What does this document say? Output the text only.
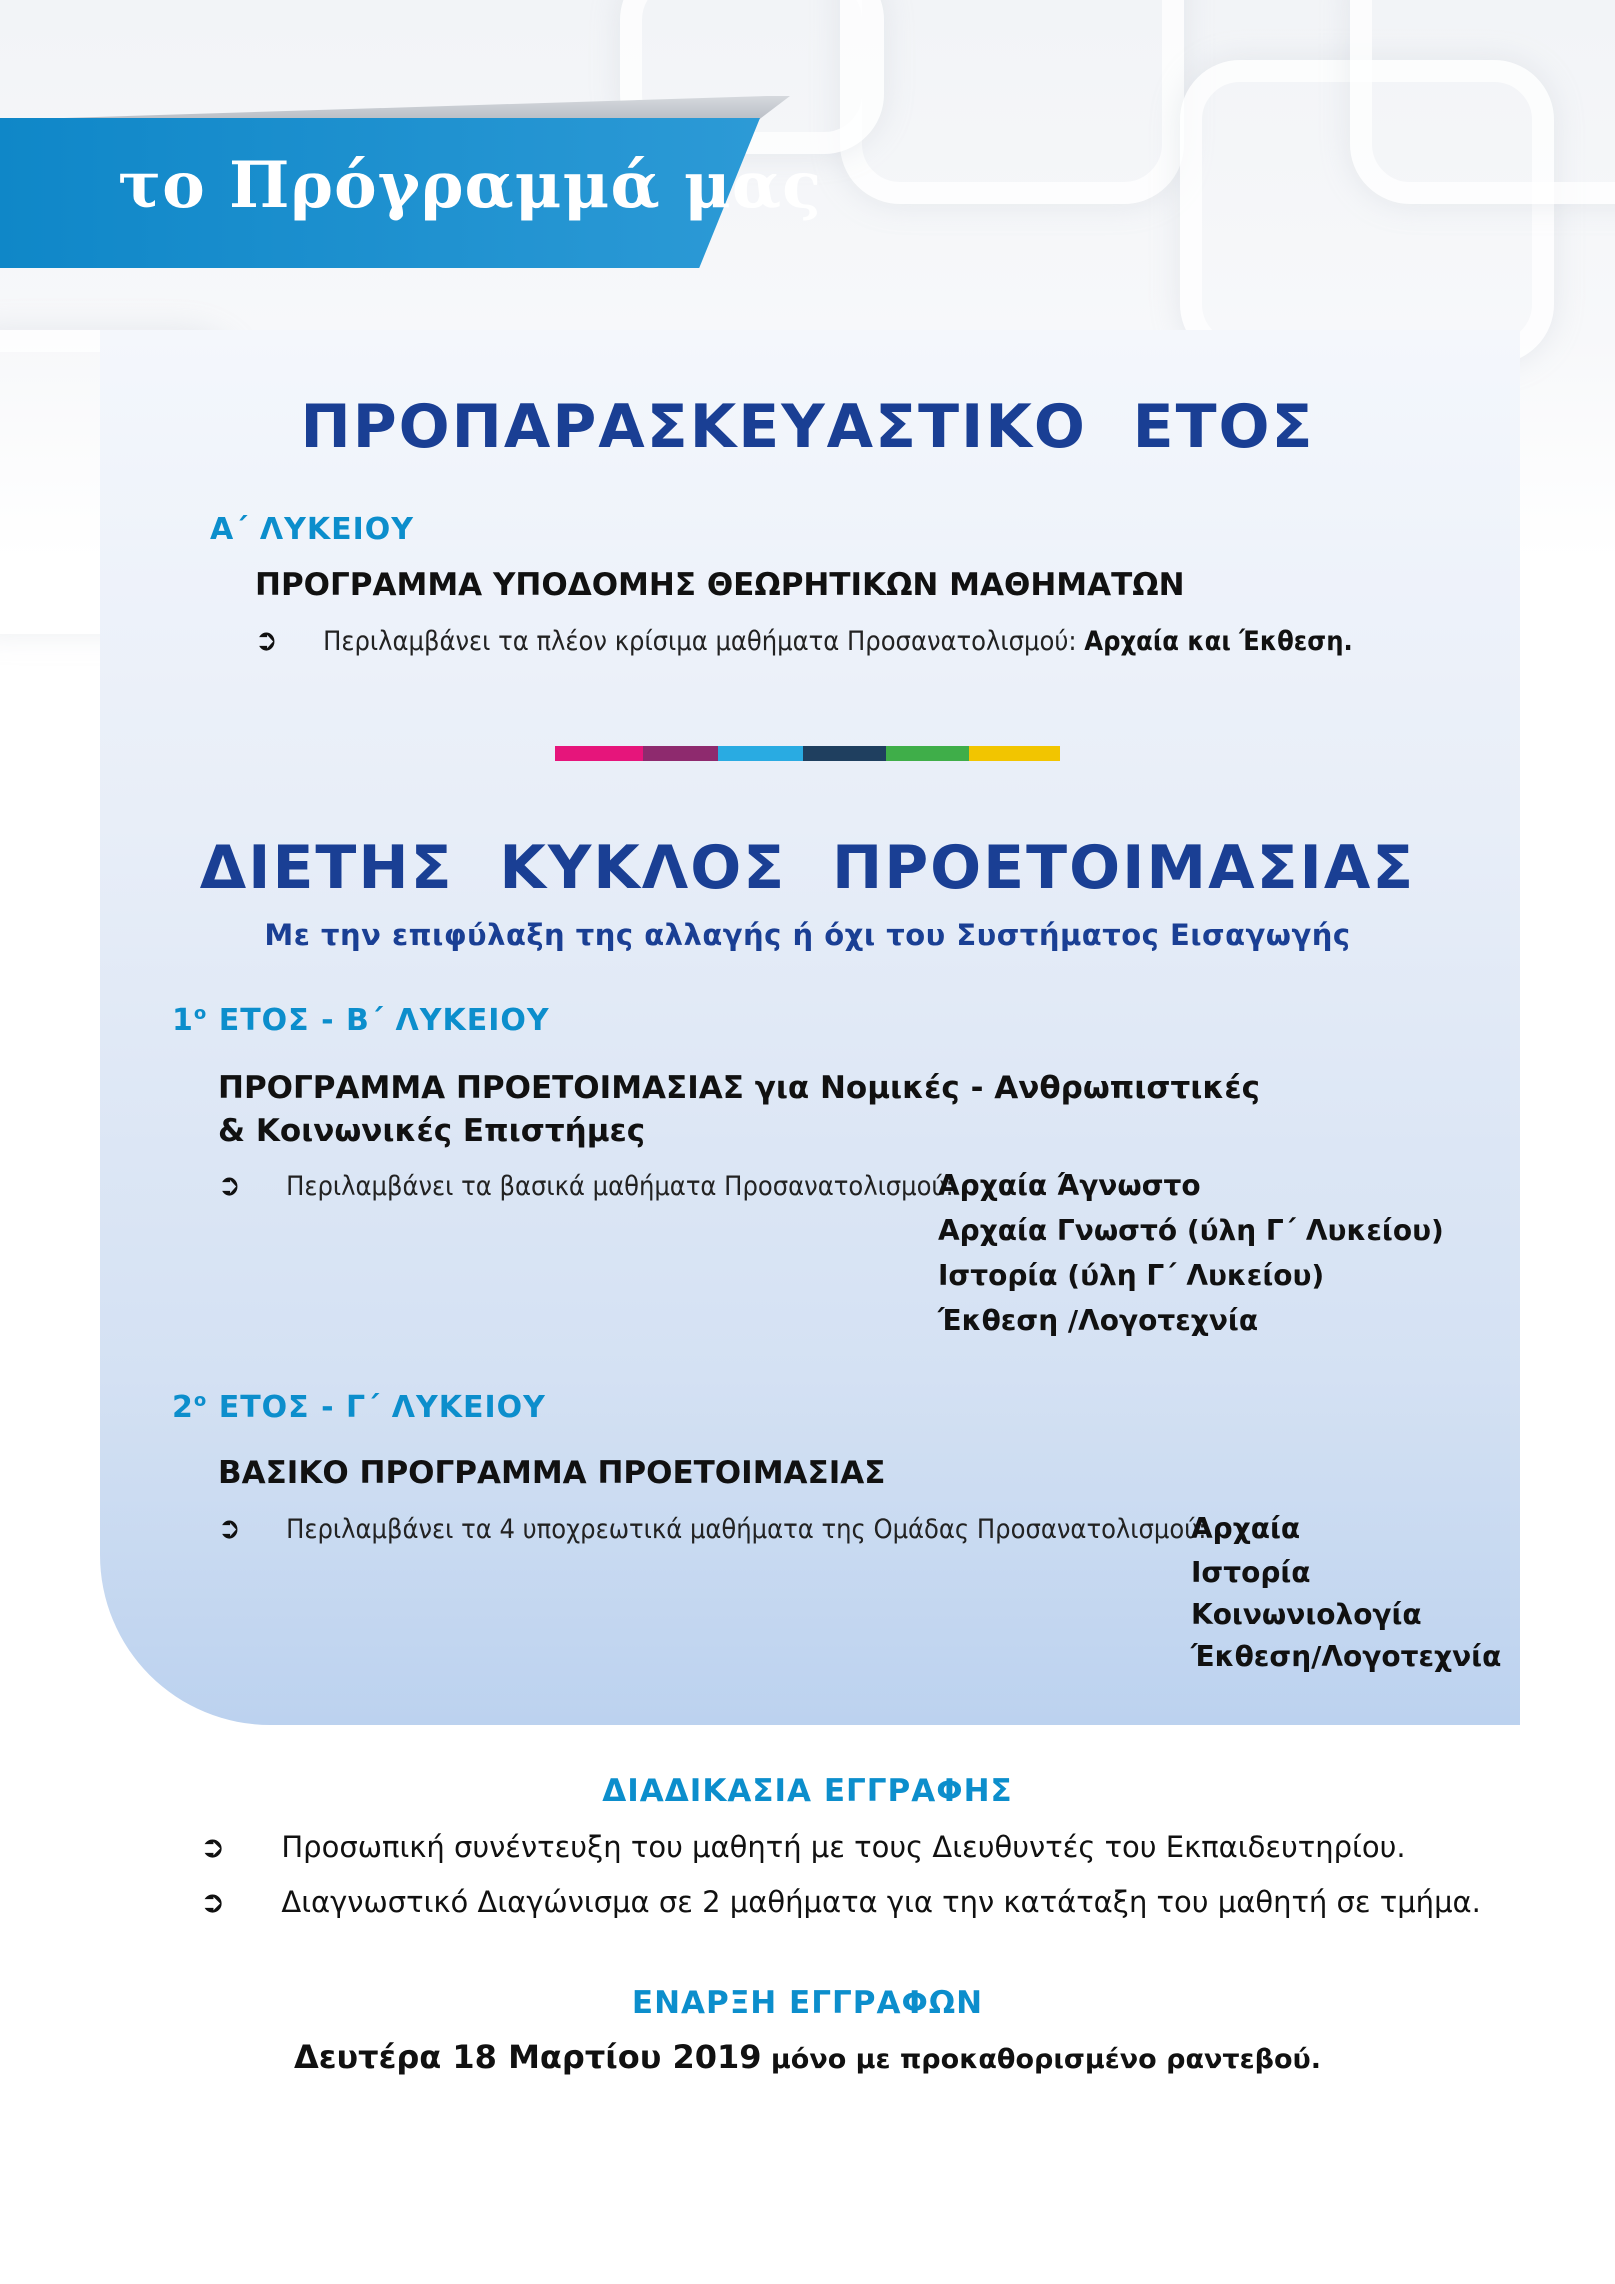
το Πρόγραμμά μας
ΠΡΟΠΑΡΑΣΚΕΥΑΣΤΙΚΟ  ΕΤΟΣ
Α΄ ΛΥΚΕΙΟΥ
ΠΡΟΓΡΑΜΜΑ ΥΠΟΔΟΜΗΣ ΘΕΩΡΗΤΙΚΩΝ ΜΑΘΗΜΑΤΩΝ
➲ Περιλαμβάνει τα πλέον κρίσιμα μαθήματα Προσανατολισμού: Αρχαία και Έκθεση.
ΔΙΕΤΗΣ  ΚΥΚΛΟΣ  ΠΡΟΕΤΟΙΜΑΣΙΑΣ
Με την επιφύλαξη της αλλαγής ή όχι του Συστήματος Εισαγωγής
$1^o$ ΕΤΟΣ - Β΄ ΛΥΚΕΙΟΥ
ΠΡΟΓΡΑΜΜΑ ΠΡΟΕΤΟΙΜΑΣΙΑΣ για Νομικές - Ανθρωπιστικές
& Κοινωνικές Επιστήμες
➲ Περιλαμβάνει τα βασικά μαθήματα Προσανατολισμού:
Αρχαία Άγνωστο
Αρχαία Γνωστό (ύλη Γ΄ Λυκείου)
Ιστορία (ύλη Γ΄ Λυκείου)
Έκθεση /Λογοτεχνία
$2^o$ ΕΤΟΣ - Γ΄ ΛΥΚΕΙΟΥ
ΒΑΣΙΚΟ ΠΡΟΓΡΑΜΜΑ ΠΡΟΕΤΟΙΜΑΣΙΑΣ
➲ Περιλαμβάνει τα 4 υποχρεωτικά μαθήματα της Ομάδας Προσανατολισμού:
Αρχαία
Ιστορία
Κοινωνιολογία
Έκθεση/Λογοτεχνία
ΔΙΑΔΙΚΑΣΙΑ ΕΓΓΡΑΦΗΣ
➲ Προσωπική συνέντευξη του μαθητή με τους Διευθυντές του Εκπαιδευτηρίου.
➲ Διαγνωστικό Διαγώνισμα σε 2 μαθήματα για την κατάταξη του μαθητή σε τμήμα.
ΕΝΑΡΞΗ ΕΓΓΡΑΦΩΝ
Δευτέρα 18 Μαρτίου 2019 μόνο με προκαθορισμένο ραντεβού.
